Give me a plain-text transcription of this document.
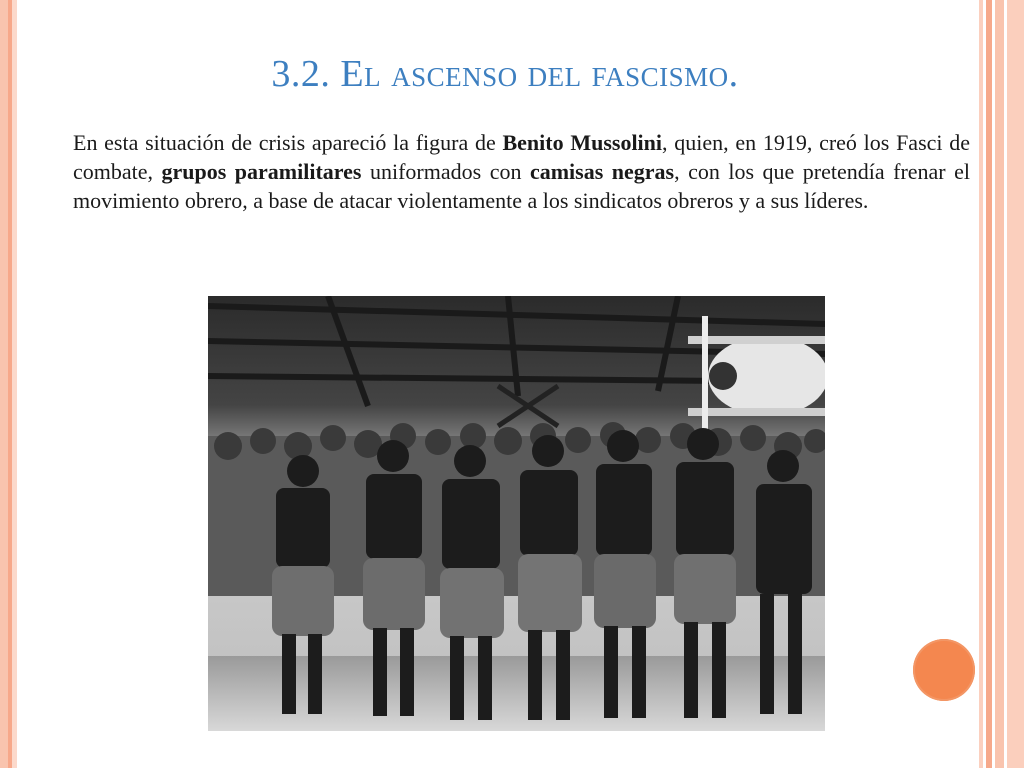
3.2. El ascenso del fascismo.

En esta situación de crisis apareció la figura de Benito Mussolini, quien, en 1919, creó los Fasci de combate, grupos paramilitares uniformados con camisas negras, con los que pretendía frenar el movimiento obrero, a base de atacar violentamente a los sindicatos obreros y a sus líderes.
